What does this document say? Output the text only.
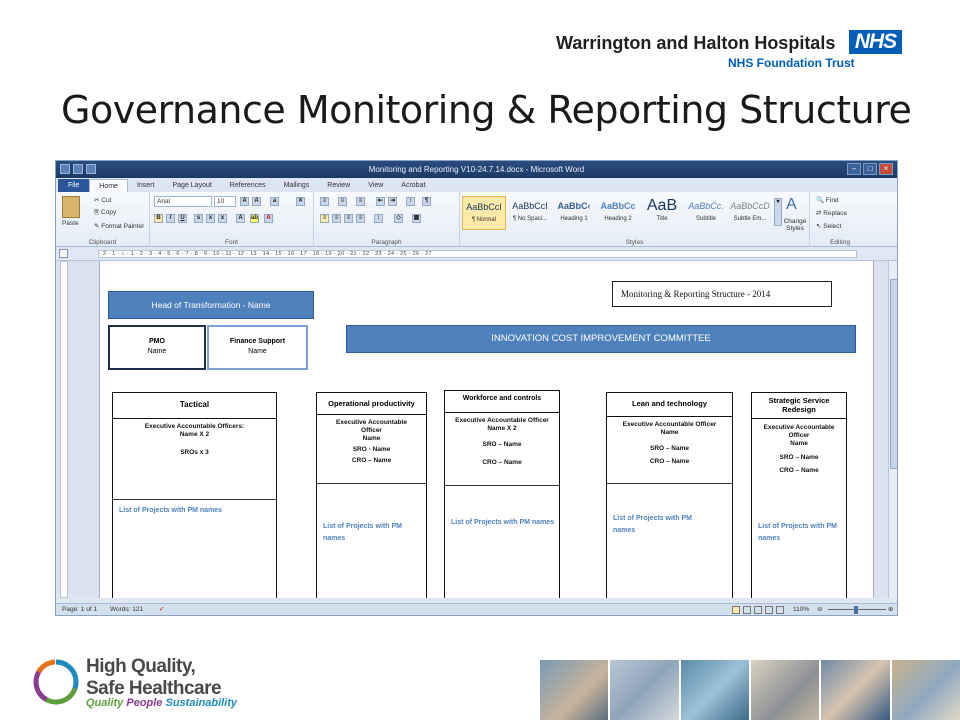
Warrington and Halton Hospitals NHS
NHS Foundation Trust
Governance Monitoring & Reporting Structure
Monitoring and Reporting V10-24.7.14.docx - Microsoft Word	–	□	×
File	Home	Insert	Page Layout	References	Mailings	Review	View	Acrobat
Paste
✂ Cut
⎘ Copy
✎ Format Painter
Clipboard
Arial	10	A	A	a	✕
B	I	U	s	x	x	A	ab	A
Font
≡	≡	≡	⇤	⇥	↕	¶
≡	≡	≡	≡	↕	◇	▦
Paragraph
AaBbCcI
¶ Normal
AaBbCcI
¶ No Spaci...
AaBbC‹
Heading 1
AaBbCc
Heading 2
AaB
Title
AaBbCc.
Subtitle
AaBbCcD
Subtle Em...
▾ A
Change Styles
Styles
🔍 Find
⇄ Replace
↖ Select
Editing
· 2 · 1 · ⌂ · 1 · 2 · 3 · 4 · 5 · 6 · 7 · 8 · 9 · 10 · 11 · 12 · 13 · 14 · 15 · 16 · 17 · 18 · 19 · 20 · 21 · 22 · 23 · 24 · 25 · 26 · 27
Head of Transformation - Name
Monitoring & Reporting Structure - 2014
PMO
Name
Finance Support
Name
INNOVATION COST IMPROVEMENT COMMITTEE
Tactical
Executive Accountable Officers:
Name X 2
SROs x 3
List of Projects with PM names
Operational productivity
Executive Accountable
Officer
Name
SRO - Name
CRO – Name
List of Projects with PM names
Workforce and controls
Executive Accountable Officer
Name X 2
SRO – Name
CRO – Name
List of Projects with PM names
Lean and technology
Executive Accountable Officer
Name
SRO – Name
CRO – Name
List of Projects with PM names
Strategic Service Redesign
Executive Accountable
Officer
Name
SRO – Name
CRO – Name
List of Projects with PM names
Page: 1 of 1 Words: 121 ✓	110% ⊖	⊕
High Quality,
Safe Healthcare
Quality People Sustainability
